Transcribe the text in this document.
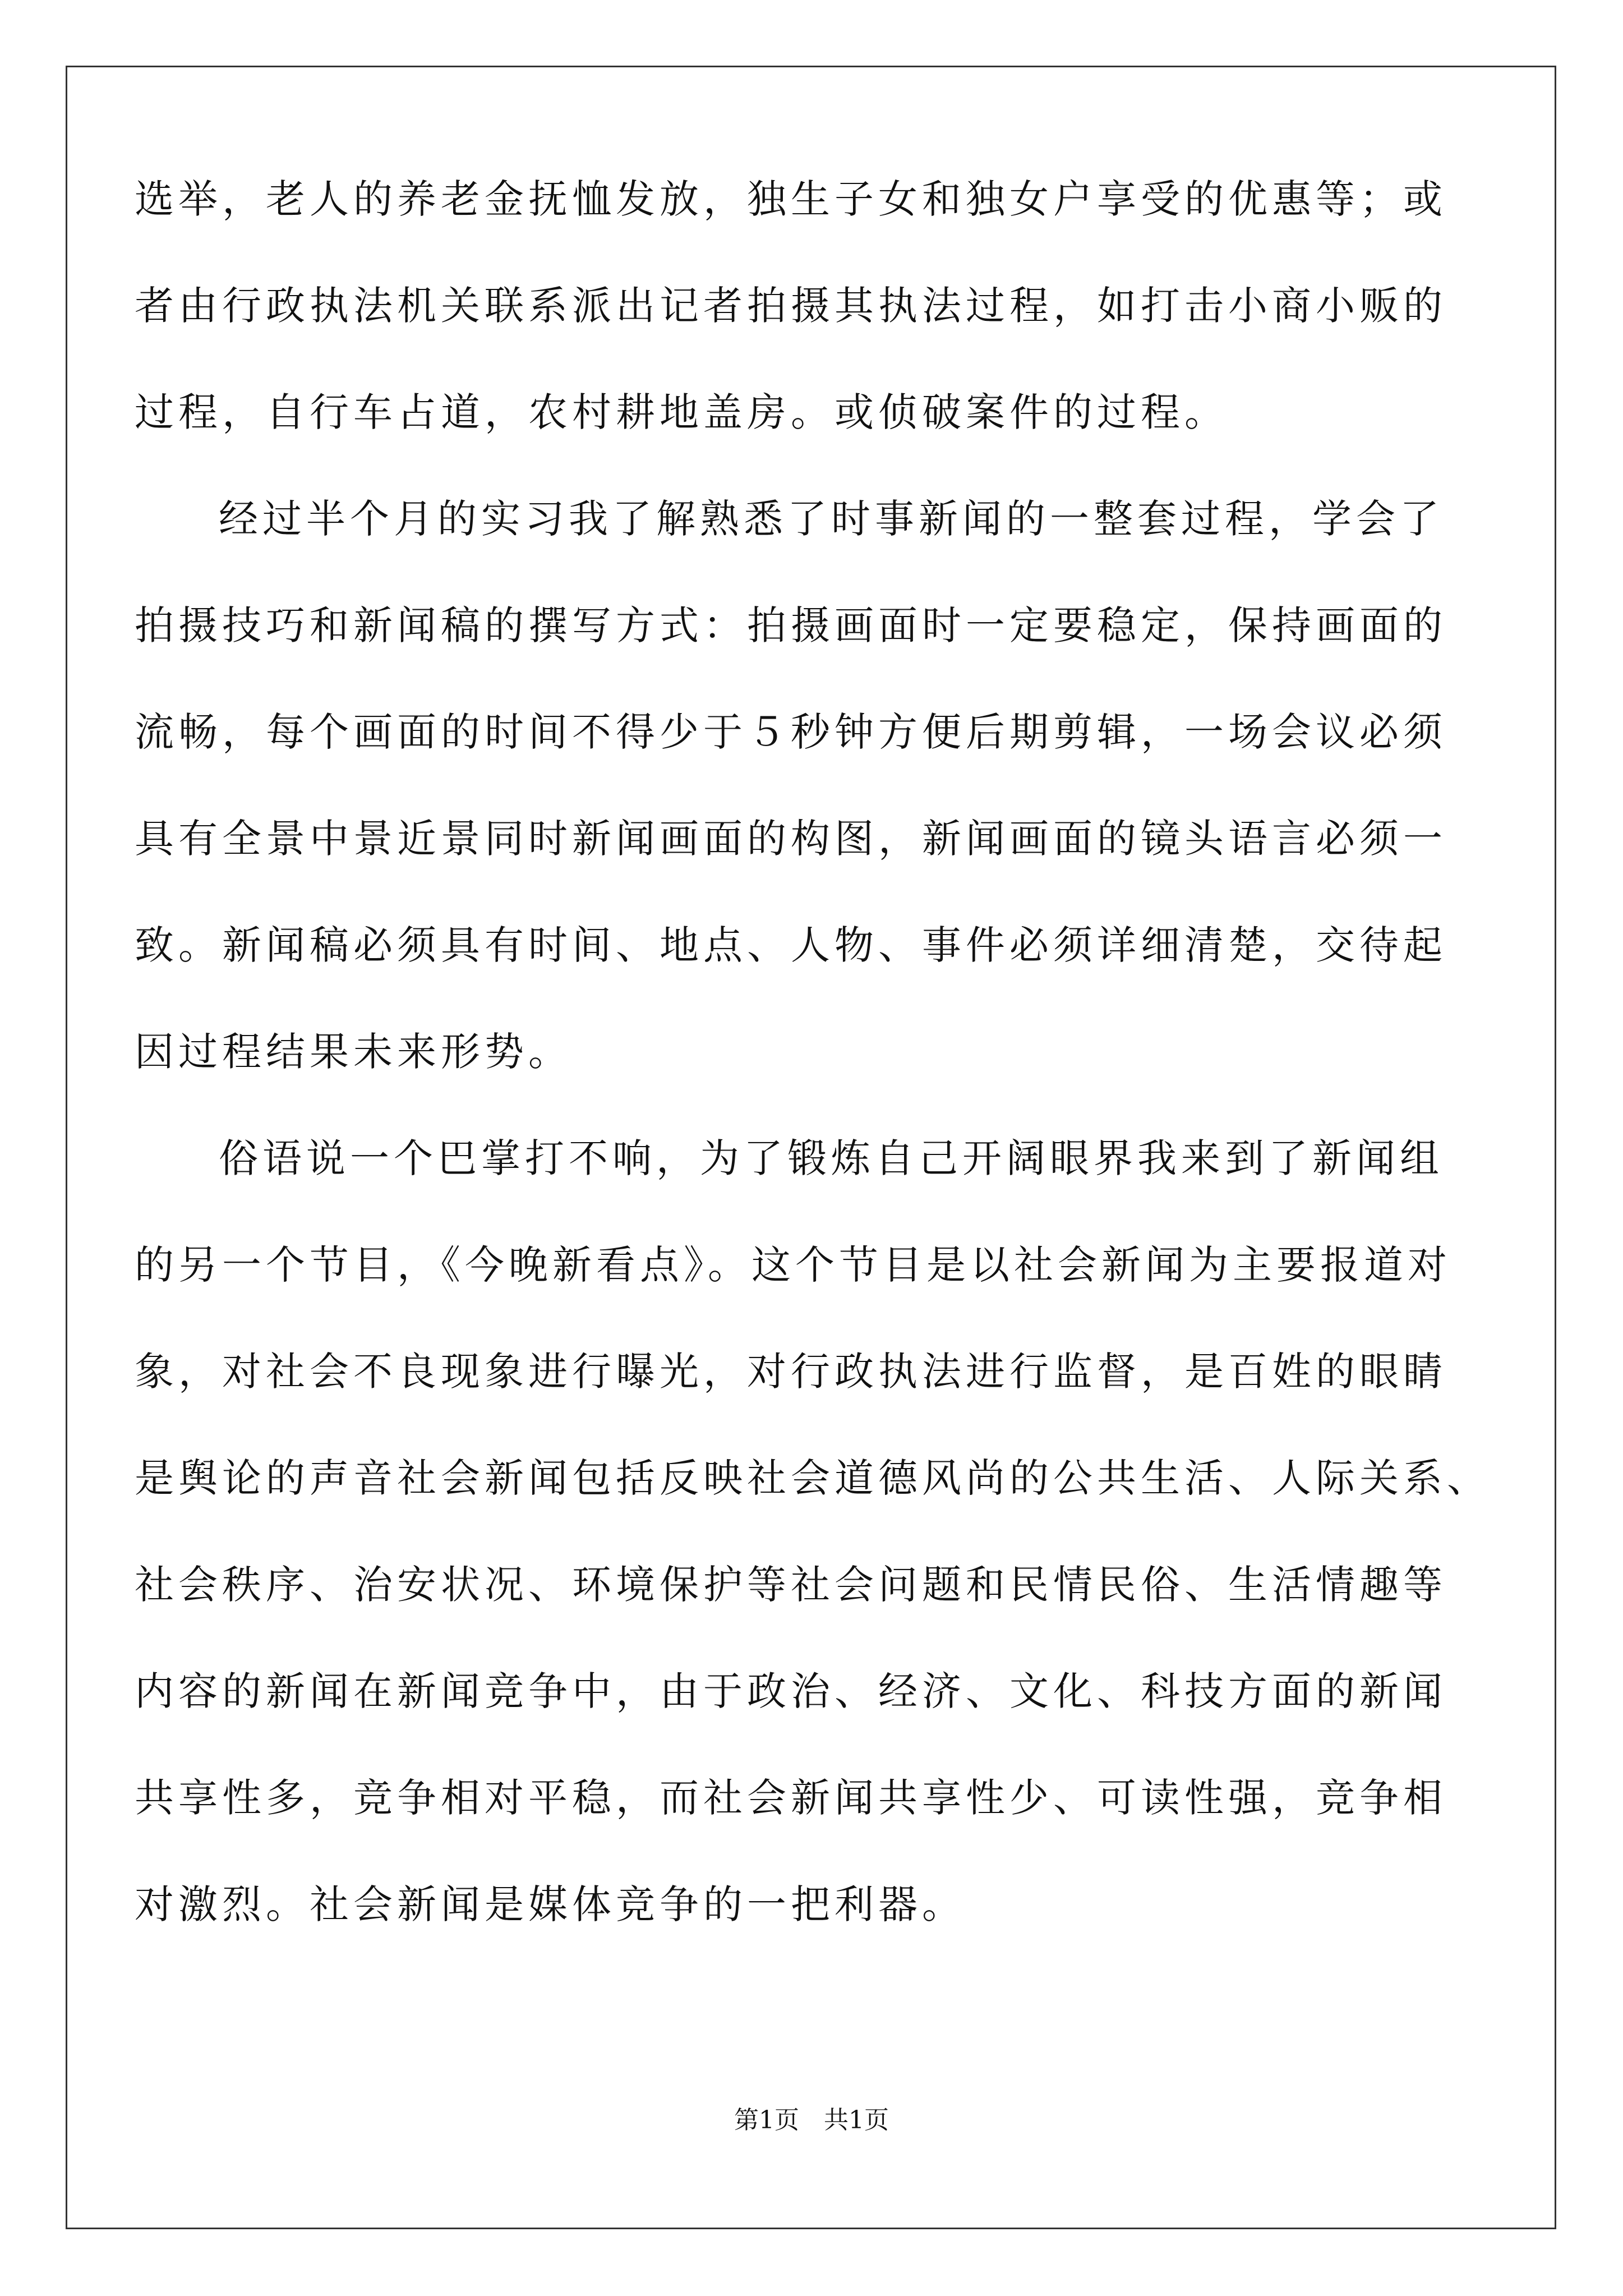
选举，老人的养老金抚恤发放，独生子女和独女户享受的优惠等；或
者由行政执法机关联系派出记者拍摄其执法过程，如打击小商小贩的
过程，自行车占道，农村耕地盖房。或侦破案件的过程。
经过半个月的实习我了解熟悉了时事新闻的一整套过程，学会了
拍摄技巧和新闻稿的撰写方式：拍摄画面时一定要稳定，保持画面的
流畅，每个画面的时间不得少于５秒钟方便后期剪辑，一场会议必须
具有全景中景近景同时新闻画面的构图，新闻画面的镜头语言必须一
致。新闻稿必须具有时间、地点、人物、事件必须详细清楚，交待起
因过程结果未来形势。
俗语说一个巴掌打不响，为了锻炼自己开阔眼界我来到了新闻组
的另一个节目，《今晚新看点》。这个节目是以社会新闻为主要报道对
象，对社会不良现象进行曝光，对行政执法进行监督，是百姓的眼睛
是舆论的声音社会新闻包括反映社会道德风尚的公共生活、人际关系、
社会秩序、治安状况、环境保护等社会问题和民情民俗、生活情趣等
内容的新闻在新闻竞争中，由于政治、经济、文化、科技方面的新闻
共享性多，竞争相对平稳，而社会新闻共享性少、可读性强，竞争相
对激烈。社会新闻是媒体竞争的一把利器。
第1页　共1页
